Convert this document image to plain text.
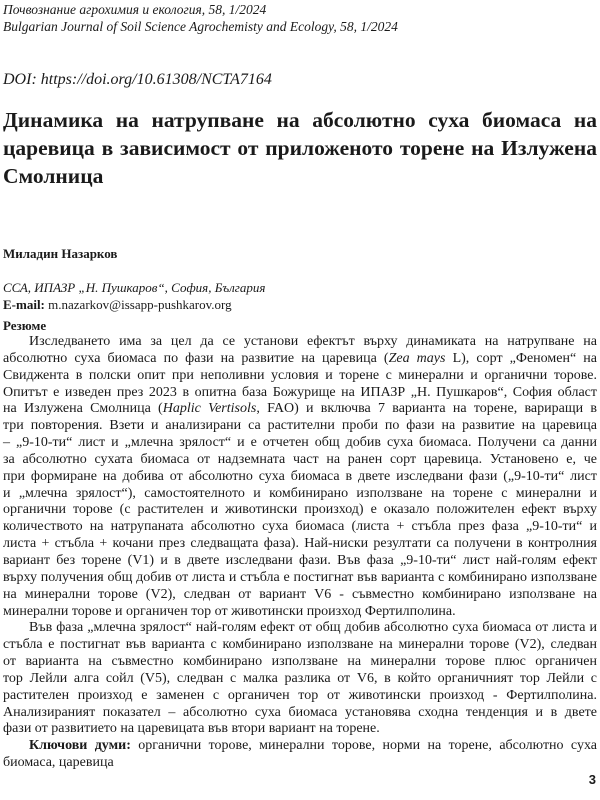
Почвознание агрохимия и екология, 58, 1/2024
Bulgarian Journal of Soil Science Agrochemisty and Ecology, 58, 1/2024
DOI: https://doi.org/10.61308/NCTA7164
Динамика на натрупване на абсолютно суха биомаса на
царевица в зависимост от приложеното торене на Излужена
Смолница
Миладин Назарков
ССА, ИПАЗР „Н. Пушкаров“, София, България
E-mail: m.nazarkov@issapp-pushkarov.org
Резюме
Изследването има за цел да се установи ефектът върху динамиката на натрупване на
абсолютно суха биомаса по фази на развитие на царевица (Zea mays L), сорт „Феномен“ на
Свиджента в полски опит при неполивни условия и торене с минерални и органични торове.
Опитът е изведен през 2023 в опитна база Божурище на ИПАЗР „Н. Пушкаров“, София област
на Излужена Смолница (Haplic Vertisols, FAO) и включва 7 варианта на торене, вариращи в
три повторения. Взети и анализирани са растителни проби по фази на развитие на царевица
– „9-10-ти“ лист и „млечна зрялост“ и е отчетен общ добив суха биомаса. Получени са данни
за абсолютно сухата биомаса от надземната част на ранен сорт царевица. Установено е, че
при формиране на добива от абсолютно суха биомаса в двете изследвани фази („9-10-ти“ лист
и „млечна зрялост“), самостоятелното и комбинирано използване на торене с минерални и
органични торове (с растителен и животински произход) е оказало положителен ефект върху
количеството на натрупаната абсолютно суха биомаса (листа + стъбла през фаза „9-10-ти“ и
листа + стъбла + кочани през следващата фаза). Най-ниски резултати са получени в контролния
вариант без торене (V1) и в двете изследвани фази. Във фаза „9-10-ти“ лист най-голям ефект
върху получения общ добив от листа и стъбла е постигнат във варианта с комбинирано използване
на минерални торове (V2), следван от вариант V6 - съвместно комбинирано използване на
минерални торове и органичен тор от животински произход Фертилполина.
Във фаза „млечна зрялост“ най-голям ефект от общ добив абсолютно суха биомаса от листа и
стъбла е постигнат във варианта с комбинирано използване на минерални торове (V2), следван
от варианта на съвместно комбинирано използване на минерални торове плюс органичен
тор Лейли алга сойл (V5), следван с малка разлика от V6, в който органичният тор Лейли с
растителен произход е заменен с органичен тор от животински произход - Фертилполина.
Анализираният показател – абсолютно суха биомаса установява сходна тенденция и в двете
фази от развитието на царевицата във втори вариант на торене.
Ключови думи: органични торове, минерални торове, норми на торене, абсолютно суха
биомаса, царевица
3
